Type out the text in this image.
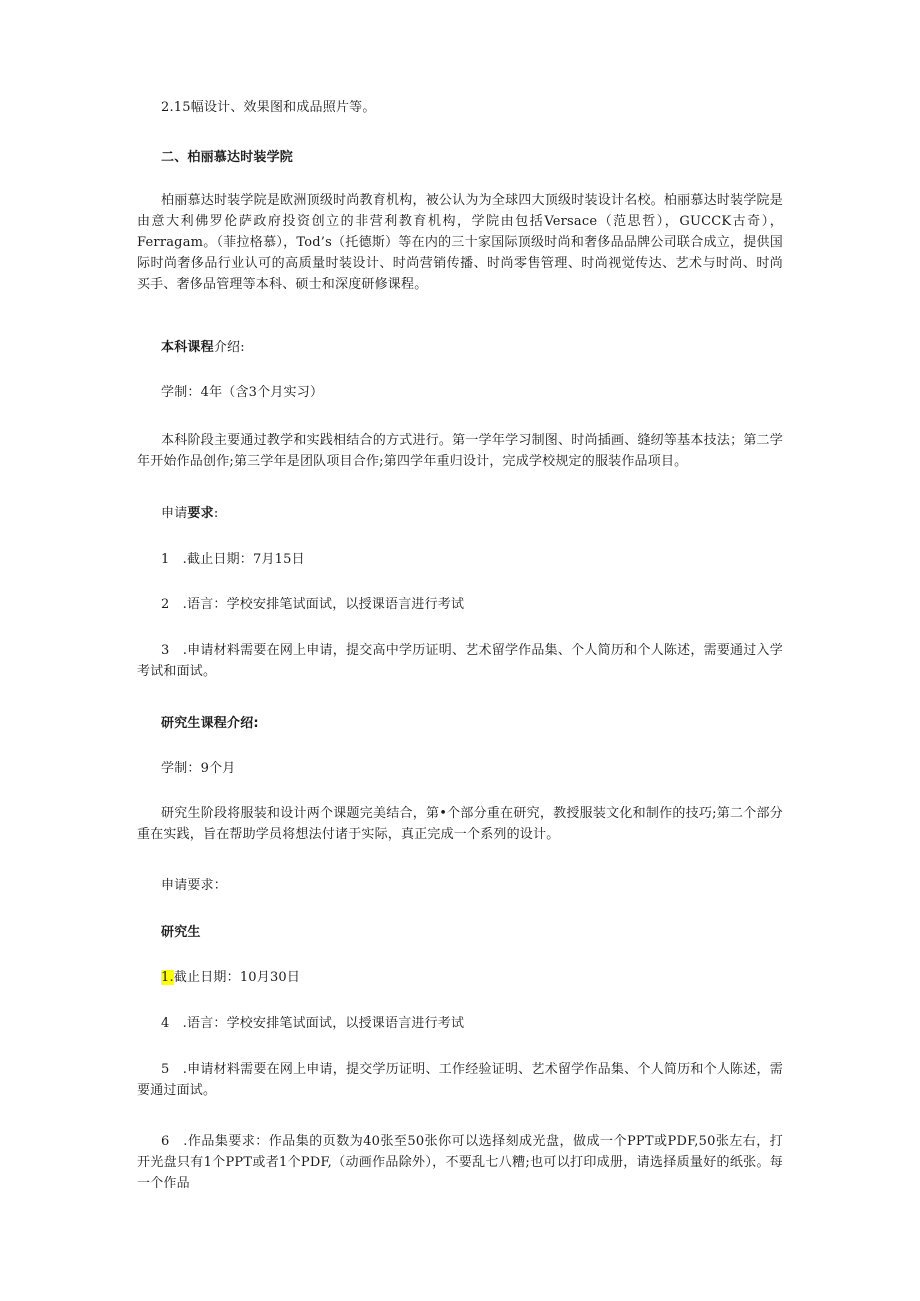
2.15幅设计、效果图和成品照片等。

二、柏丽慕达时装学院

柏丽慕达时装学院是欧洲顶级时尚教育机构，被公认为为全球四大顶级时装设计名校。柏丽慕达时装学院是由意大利佛罗伦萨政府投资创立的非营利教育机构，学院由包括Versace（范思哲），GUCCK古奇），Ferragam。（菲拉格慕），Tod’s（托德斯）等在内的三十家国际顶级时尚和奢侈品品牌公司联合成立，提供国际时尚奢侈品行业认可的高质量时装设计、时尚营销传播、时尚零售管理、时尚视觉传达、艺术与时尚、时尚买手、奢侈品管理等本科、硕士和深度研修课程。

本科课程介绍:

学制：4年（含3个月实习）

本科阶段主要通过教学和实践相结合的方式进行。第一学年学习制图、时尚插画、缝纫等基本技法；第二学年开始作品创作;第三学年是团队项目合作;第四学年重归设计，完成学校规定的服装作品项目。

申请要求:

1　.截止日期：7月15日

2　.语言：学校安排笔试面试，以授课语言进行考试

3　.申请材料需要在网上申请，提交高中学历证明、艺术留学作品集、个人简历和个人陈述，需要通过入学考试和面试。

研究生课程介绍:

学制：9个月

研究生阶段将服装和设计两个课题完美结合，第•个部分重在研究，教授服装文化和制作的技巧;第二个部分重在实践，旨在帮助学员将想法付诸于实际，真正完成一个系列的设计。

申请要求：

研究生

1.截止日期：10月30日

4　.语言：学校安排笔试面试，以授课语言进行考试

5　.申请材料需要在网上申请，提交学历证明、工作经验证明、艺术留学作品集、个人简历和个人陈述，需要通过面试。

6　.作品集要求：作品集的页数为40张至50张你可以选择刻成光盘，做成一个PPT或PDF,50张左右，打开光盘只有1个PPT或者1个PDF,（动画作品除外），不要乱七八糟;也可以打印成册，请选择质量好的纸张。每一个作品
